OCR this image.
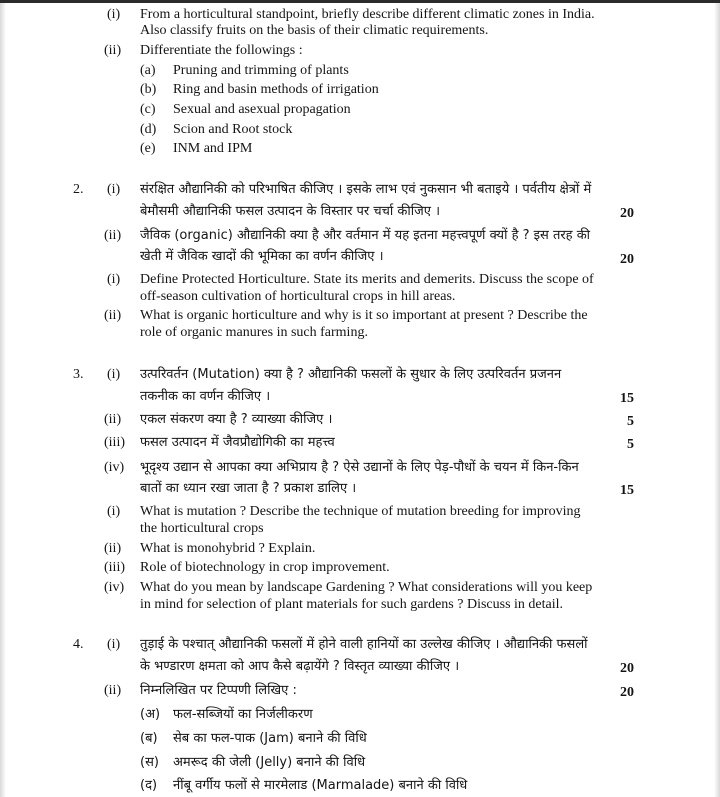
(i) From a horticultural standpoint, briefly describe different climatic zones in India.
Also classify fruits on the basis of their climatic requirements.
(ii) Differentiate the followings :
(a) Pruning and trimming of plants
(b) Ring and basin methods of irrigation
(c) Sexual and asexual propagation
(d) Scion and Root stock
(e) INM and IPM
2. (i) संरक्षित औद्यानिकी को परिभाषित कीजिए । इसके लाभ एवं नुकसान भी बताइये । पर्वतीय क्षेत्रों में
बेमौसमी औद्यानिकी फसल उत्पादन के विस्तार पर चर्चा कीजिए ।	20
(ii) जैविक (organic) औद्यानिकी क्या है और वर्तमान में यह इतना महत्त्वपूर्ण क्यों है ? इस तरह की
खेती में जैविक खादों की भूमिका का वर्णन कीजिए ।	20
(i) Define Protected Horticulture. State its merits and demerits. Discuss the scope of
off-season cultivation of horticultural crops in hill areas.
(ii) What is organic horticulture and why is it so important at present ? Describe the
role of organic manures in such farming.
3. (i) उत्परिवर्तन (Mutation) क्या है ? औद्यानिकी फसलों के सुधार के लिए उत्परिवर्तन प्रजनन
तकनीक का वर्णन कीजिए ।	15
(ii) एकल संकरण क्या है ? व्याख्या कीजिए ।	5
(iii) फसल उत्पादन में जैवप्रौद्योगिकी का महत्त्व	5
(iv) भूदृश्य उद्यान से आपका क्या अभिप्राय है ? ऐसे उद्यानों के लिए पेड़-पौधों के चयन में किन-किन
बातों का ध्यान रखा जाता है ? प्रकाश डालिए ।	15
(i) What is mutation ? Describe the technique of mutation breeding for improving
the horticultural crops
(ii) What is monohybrid ? Explain.
(iii) Role of biotechnology in crop improvement.
(iv) What do you mean by landscape Gardening ? What considerations will you keep
in mind for selection of plant materials for such gardens ? Discuss in detail.
4. (i) तुड़ाई के पश्चात् औद्यानिकी फसलों में होने वाली हानियों का उल्लेख कीजिए । औद्यानिकी फसलों
के भण्डारण क्षमता को आप कैसे बढ़ायेंगे ? विस्तृत व्याख्या कीजिए ।	20
(ii) निम्नलिखित पर टिप्पणी लिखिए :	20
(अ) फल-सब्जियों का निर्जलीकरण
(ब) सेब का फल-पाक (Jam) बनाने की विधि
(स) अमरूद की जेली (Jelly) बनाने की विधि
(द) नींबू वर्गीय फलों से मारमेलाड (Marmalade) बनाने की विधि
